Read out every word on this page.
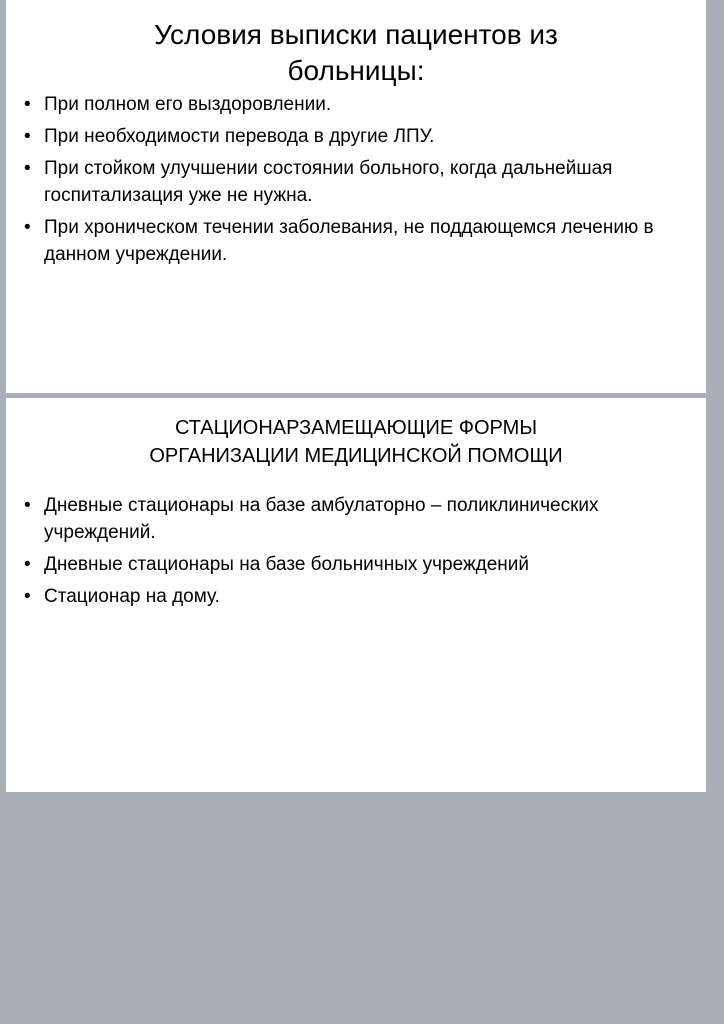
Условия выписки пациентов из
больницы:
• При полном его выздоровлении.
• При необходимости перевода в другие ЛПУ.
• При стойком улучшении состоянии больного, когда дальнейшая госпитализация уже не нужна.
• При хроническом течении заболевания, не поддающемся лечению в данном учреждении.
СТАЦИОНАРЗАМЕЩАЮЩИЕ ФОРМЫ
ОРГАНИЗАЦИИ МЕДИЦИНСКОЙ ПОМОЩИ
• Дневные стационары на базе амбулаторно – поликлинических учреждений.
• Дневные стационары на базе больничных учреждений
• Стационар на дому.
